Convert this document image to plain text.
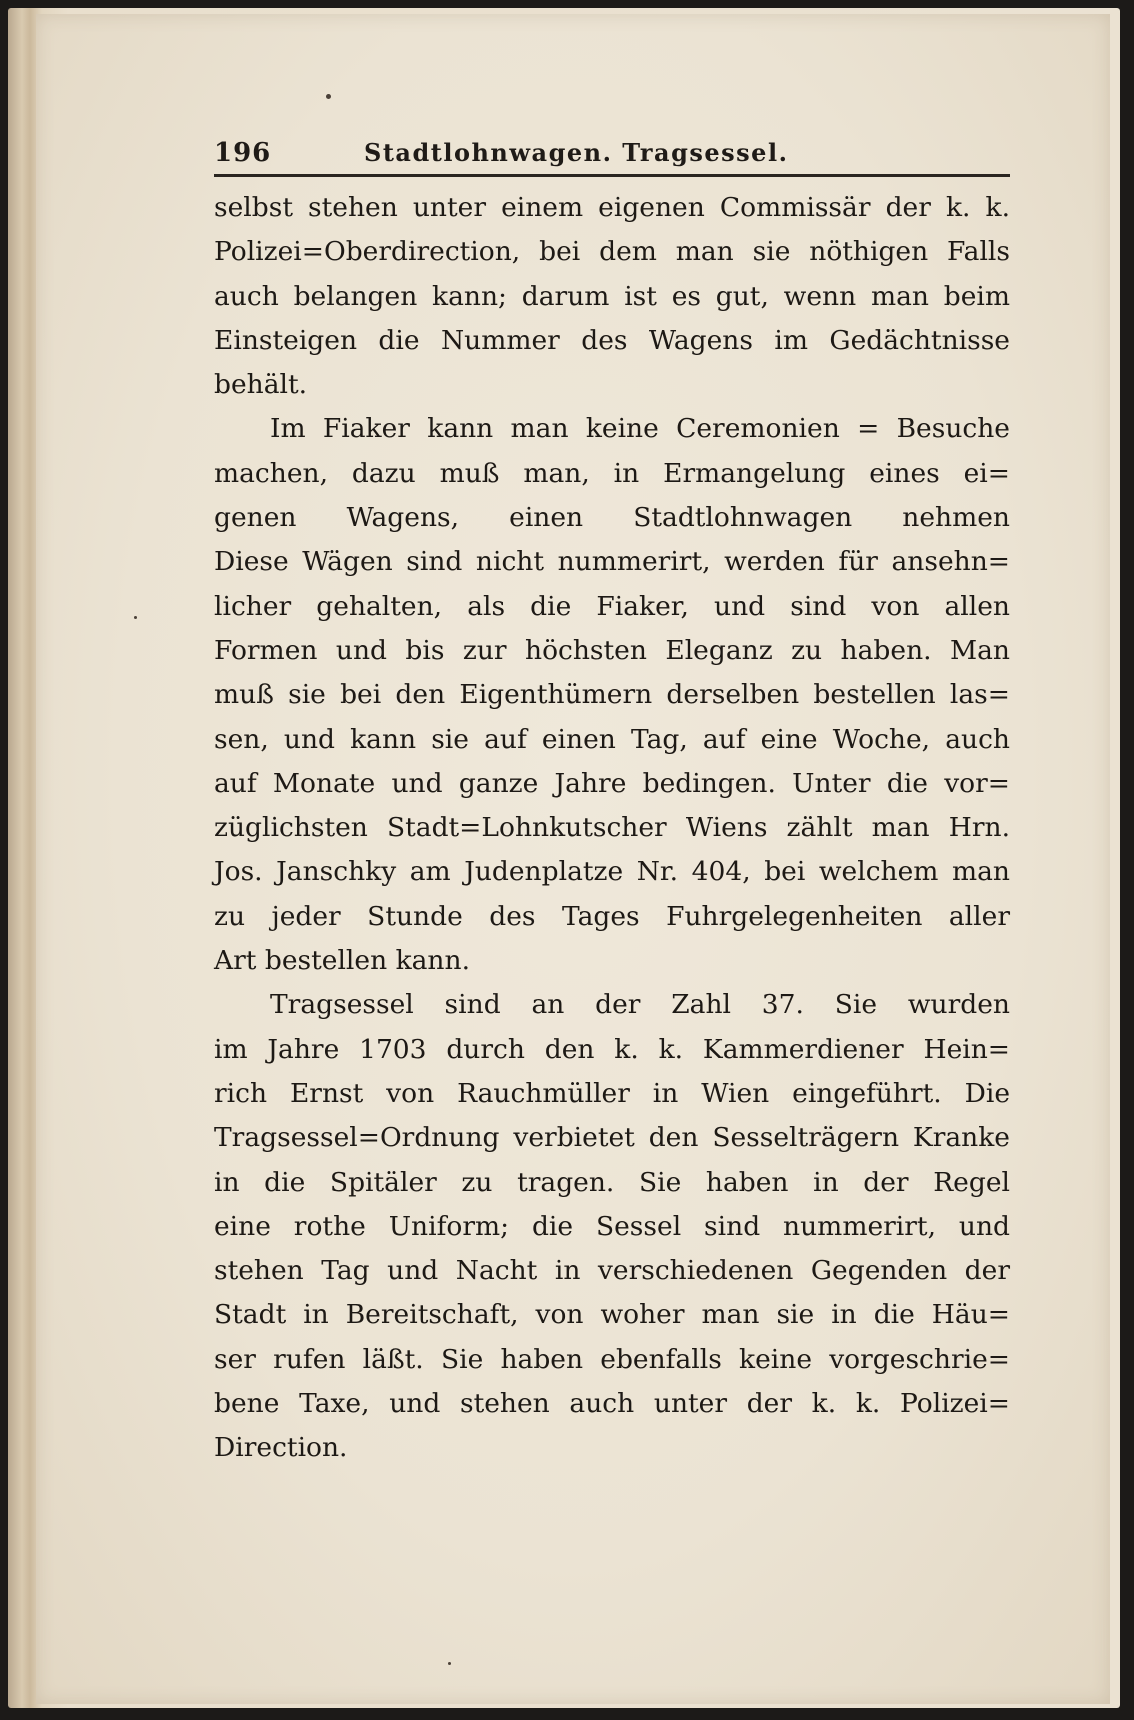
196	Stadtlohnwagen. Tragsessel.
selbst stehen unter einem eigenen Commissär der k. k.
Polizei=Oberdirection, bei dem man sie nöthigen Falls
auch belangen kann; darum ist es gut, wenn man beim
Einsteigen die Nummer des Wagens im Gedächtnisse
behält.
Im Fiaker kann man keine Ceremonien = Besuche
machen, dazu muß man, in Ermangelung eines ei=
genen Wagens, einen Stadtlohnwagen nehmen
Diese Wägen sind nicht nummerirt, werden für ansehn=
licher gehalten, als die Fiaker, und sind von allen
Formen und bis zur höchsten Eleganz zu haben. Man
muß sie bei den Eigenthümern derselben bestellen las=
sen, und kann sie auf einen Tag, auf eine Woche, auch
auf Monate und ganze Jahre bedingen. Unter die vor=
züglichsten Stadt=Lohnkutscher Wiens zählt man Hrn.
Jos. Janschky am Judenplatze Nr. 404, bei welchem man
zu jeder Stunde des Tages Fuhrgelegenheiten aller
Art bestellen kann.
Tragsessel sind an der Zahl 37. Sie wurden
im Jahre 1703 durch den k. k. Kammerdiener Hein=
rich Ernst von Rauchmüller in Wien eingeführt. Die
Tragsessel=Ordnung verbietet den Sesselträgern Kranke
in die Spitäler zu tragen. Sie haben in der Regel
eine rothe Uniform; die Sessel sind nummerirt, und
stehen Tag und Nacht in verschiedenen Gegenden der
Stadt in Bereitschaft, von woher man sie in die Häu=
ser rufen läßt. Sie haben ebenfalls keine vorgeschrie=
bene Taxe, und stehen auch unter der k. k. Polizei=
Direction.
